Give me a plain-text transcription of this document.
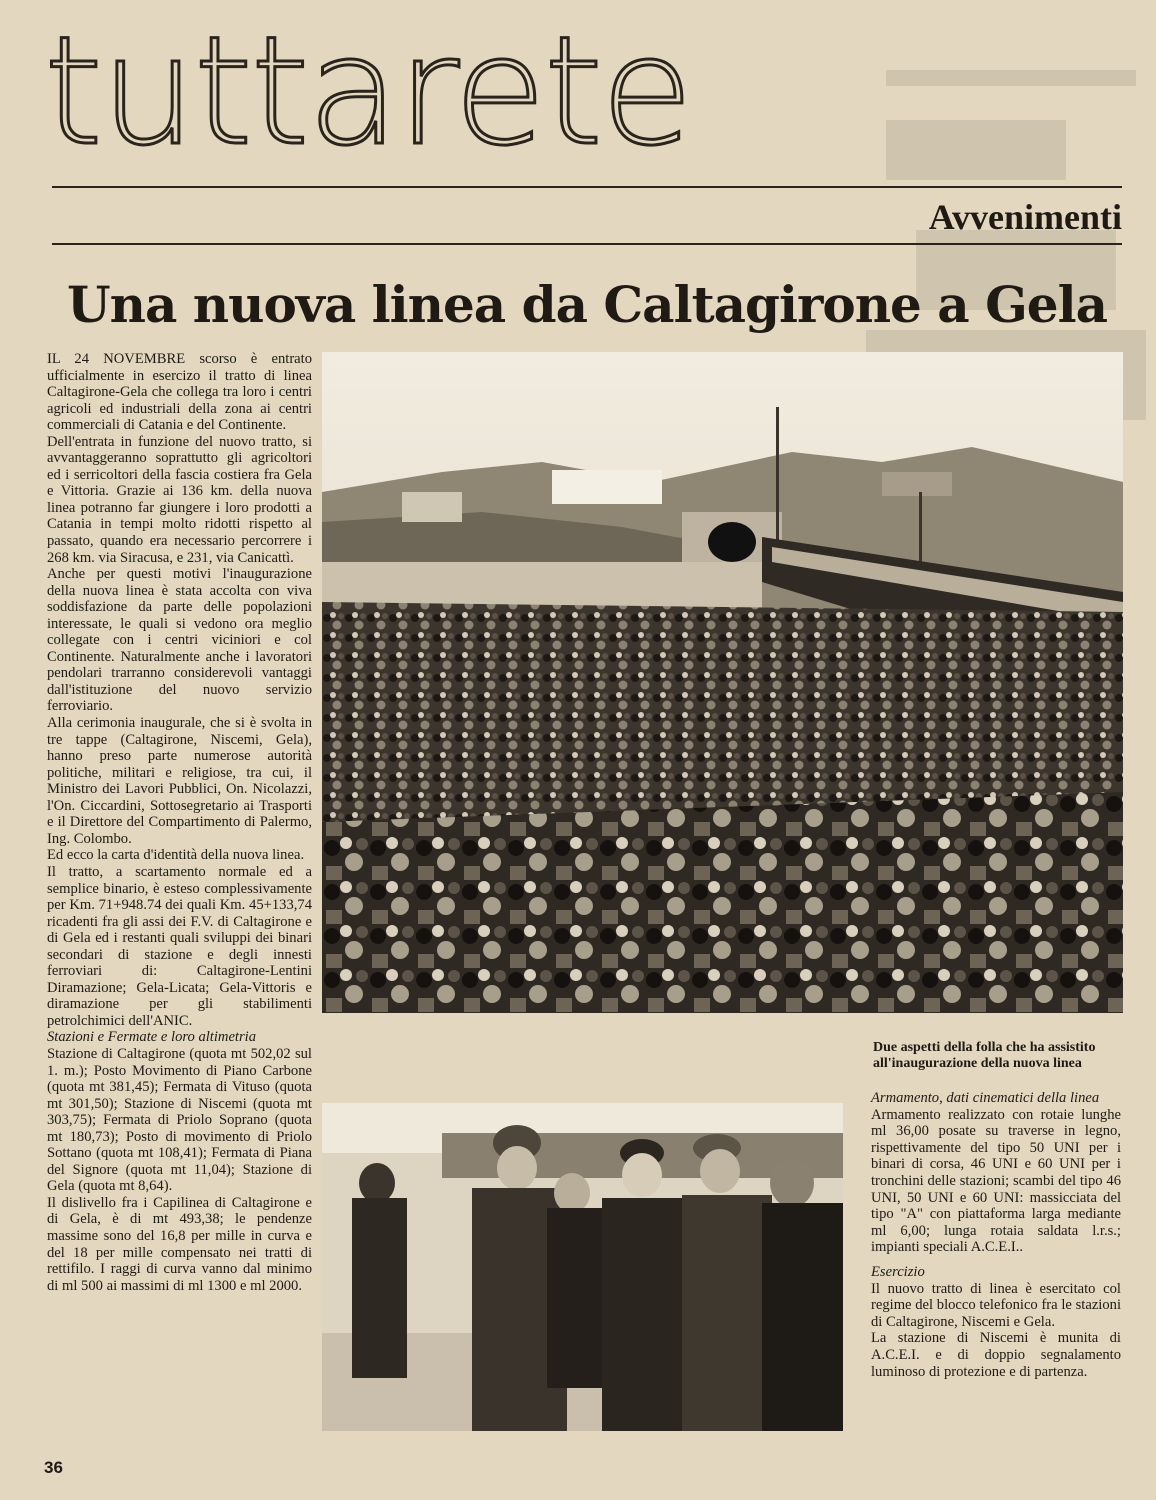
tuttarete
Avvenimenti
Una nuova linea da Caltagirone a Gela

IL 24 NOVEMBRE scorso è entrato ufficialmente in esercizo il tratto di linea Caltagirone-Gela che collega tra loro i centri agricoli ed industriali della zona ai centri commerciali di Catania e del Continente.

Dell'entrata in funzione del nuovo tratto, si avvantaggeranno soprattutto gli agricoltori ed i serricoltori della fascia costiera fra Gela e Vittoria. Grazie ai 136 km. della nuova linea potranno far giungere i loro prodotti a Catania in tempi molto ridotti rispetto al passato, quando era necessario percorrere i 268 km. via Siracusa, e 231, via Canicattì.

Anche per questi motivi l'inaugurazione della nuova linea è stata accolta con viva soddisfazione da parte delle popolazioni interessate, le quali si vedono ora meglio collegate con i centri viciniori e col Continente. Naturalmente anche i lavoratori pendolari trarranno considerevoli vantaggi dall'istituzione del nuovo servizio ferroviario.

Alla cerimonia inaugurale, che si è svolta in tre tappe (Caltagirone, Niscemi, Gela), hanno preso parte numerose autorità politiche, militari e religiose, tra cui, il Ministro dei Lavori Pubblici, On. Nicolazzi, l'On. Ciccardini, Sottosegretario ai Trasporti e il Direttore del Compartimento di Palermo, Ing. Colombo.

Ed ecco la carta d'identità della nuova linea.

Il tratto, a scartamento normale ed a semplice binario, è esteso complessivamente per Km. 71+948.74 dei quali Km. 45+133,74 ricadenti fra gli assi dei F.V. di Caltagirone e di Gela ed i restanti quali sviluppi dei binari secondari di stazione e degli innesti ferroviari di: Caltagirone-Lentini Diramazione; Gela-Licata; Gela-Vittoris e diramazione per gli stabilimenti petrolchimici dell'ANIC.

Stazioni e Fermate e loro altimetria

Stazione di Caltagirone (quota mt 502,02 sul 1. m.); Posto Movimento di Piano Carbone (quota mt 381,45); Fermata di Vituso (quota mt 301,50); Stazione di Niscemi (quota mt 303,75); Fermata di Priolo Soprano (quota mt 180,73); Posto di movimento di Priolo Sottano (quota mt 108,41); Fermata di Piana del Signore (quota mt 11,04); Stazione di Gela (quota mt 8,64).

Il dislivello fra i Capilinea di Caltagirone e di Gela, è di mt 493,38; le pendenze massime sono del 16,8 per mille in curva e del 18 per mille compensato nei tratti di rettifilo. I raggi di curva vanno dal minimo di ml 500 ai massimi di ml 1300 e ml 2000.

Due aspetti della folla che ha assistito all'inaugurazione della nuova linea

Armamento, dati cinematici della linea

Armamento realizzato con rotaie lunghe ml 36,00 posate su traverse in legno, rispettivamente del tipo 50 UNI per i binari di corsa, 46 UNI e 60 UNI per i tronchini delle stazioni; scambi del tipo 46 UNI, 50 UNI e 60 UNI: massicciata del tipo "A" con piattaforma larga mediante ml 6,00; lunga rotaia saldata l.r.s.; impianti speciali A.C.E.I..

Esercizio

Il nuovo tratto di linea è esercitato col regime del blocco telefonico fra le stazioni di Caltagirone, Niscemi e Gela.

La stazione di Niscemi è munita di A.C.E.I. e di doppio segnalamento luminoso di protezione e di partenza.

36
